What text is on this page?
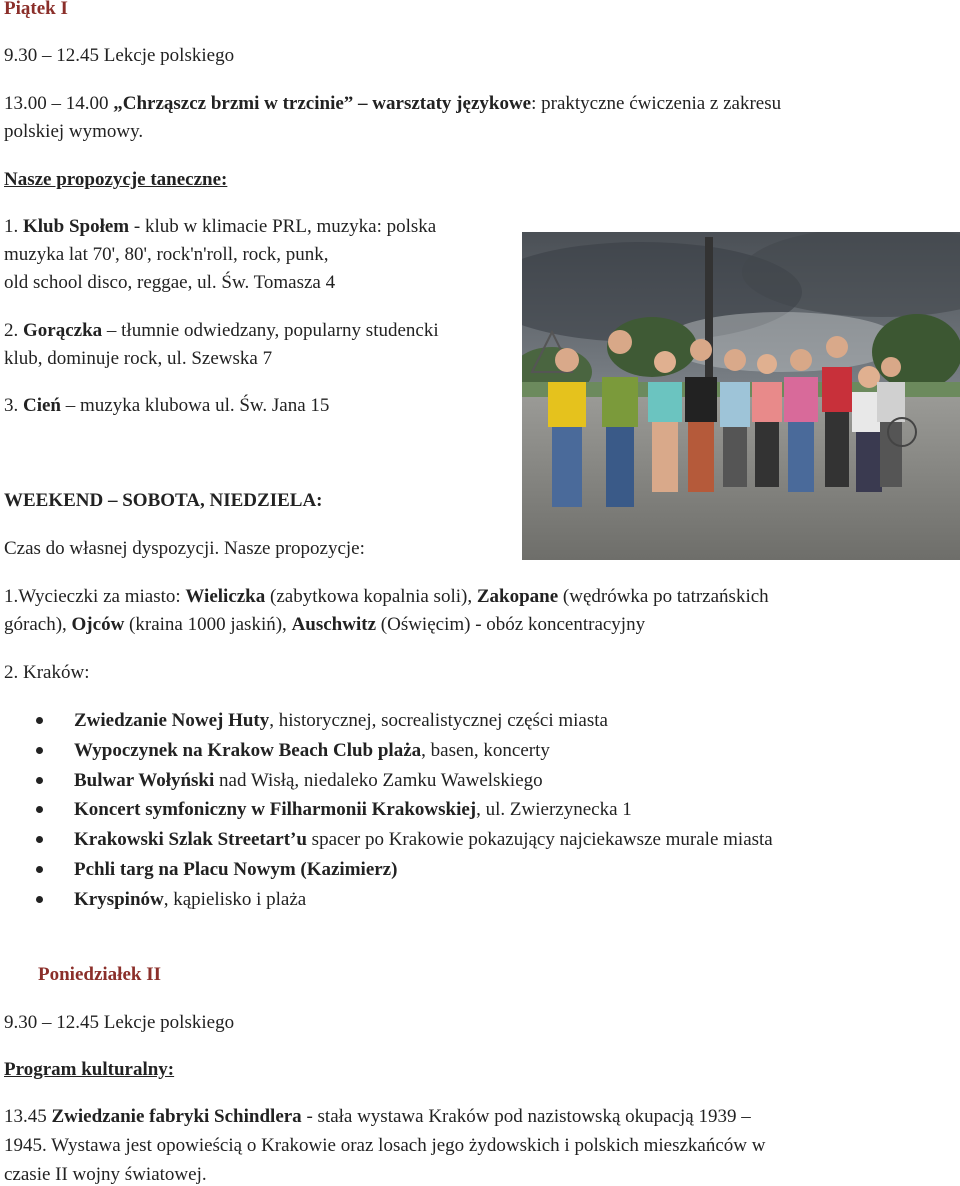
Piątek I
9.30 – 12.45 Lekcje polskiego
13.00 – 14.00 „Chrząszcz brzmi w trzcinie” – warsztaty językowe: praktyczne ćwiczenia z zakresu
polskiej wymowy.
Nasze propozycje taneczne:
1. Klub Społem - klub w klimacie PRL, muzyka: polska
muzyka lat 70', 80', rock'n'roll, rock, punk,
old school disco, reggae, ul. Św. Tomasza 4
2. Gorączka – tłumnie odwiedzany, popularny studencki
klub, dominuje rock, ul. Szewska 7
3. Cień – muzyka klubowa ul. Św. Jana 15
WEEKEND – SOBOTA, NIEDZIELA:
Czas do własnej dyspozycji. Nasze propozycje:
1.Wycieczki za miasto: Wieliczka (zabytkowa kopalnia soli), Zakopane (wędrówka po tatrzańskich
górach), Ojców (kraina 1000 jaskiń), Auschwitz (Oświęcim) - obóz koncentracyjny
2. Kraków:
Zwiedzanie Nowej Huty, historycznej, socrealistycznej części miasta
Wypoczynek na Krakow Beach Club plaża, basen, koncerty
Bulwar Wołyński nad Wisłą, niedaleko Zamku Wawelskiego
Koncert symfoniczny w Filharmonii Krakowskiej, ul. Zwierzynecka 1
Krakowski Szlak Streetart’u spacer po Krakowie pokazujący najciekawsze murale miasta
Pchli targ na Placu Nowym (Kazimierz)
Kryspinów, kąpielisko i plaża
Poniedziałek II
9.30 – 12.45 Lekcje polskiego
Program kulturalny:
13.45 Zwiedzanie fabryki Schindlera - stała wystawa Kraków pod nazistowską okupacją 1939 –
1945. Wystawa jest opowieścią o Krakowie oraz losach jego żydowskich i polskich mieszkańców w
czasie II wojny światowej.
